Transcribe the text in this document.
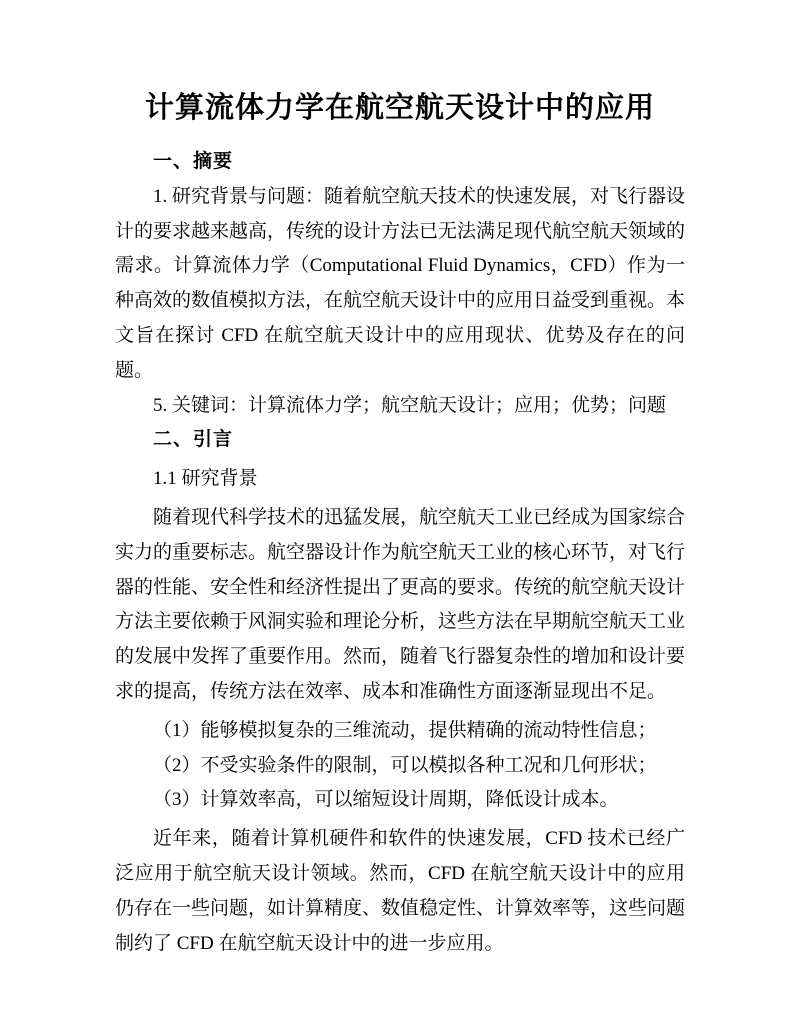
计算流体力学在航空航天设计中的应用

一、摘要

1. 研究背景与问题：随着航空航天技术的快速发展，对飞行器设计的要求越来越高，传统的设计方法已无法满足现代航空航天领域的需求。计算流体力学（Computational Fluid Dynamics，CFD）作为一种高效的数值模拟方法，在航空航天设计中的应用日益受到重视。本文旨在探讨 CFD 在航空航天设计中的应用现状、优势及存在的问题。

5. 关键词：计算流体力学；航空航天设计；应用；优势；问题

二、引言

1.1 研究背景

随着现代科学技术的迅猛发展，航空航天工业已经成为国家综合实力的重要标志。航空器设计作为航空航天工业的核心环节，对飞行器的性能、安全性和经济性提出了更高的要求。传统的航空航天设计方法主要依赖于风洞实验和理论分析，这些方法在早期航空航天工业的发展中发挥了重要作用。然而，随着飞行器复杂性的增加和设计要求的提高，传统方法在效率、成本和准确性方面逐渐显现出不足。

（1）能够模拟复杂的三维流动，提供精确的流动特性信息；

（2）不受实验条件的限制，可以模拟各种工况和几何形状；

（3）计算效率高，可以缩短设计周期，降低设计成本。

近年来，随着计算机硬件和软件的快速发展，CFD 技术已经广泛应用于航空航天设计领域。然而，CFD 在航空航天设计中的应用仍存在一些问题，如计算精度、数值稳定性、计算效率等，这些问题制约了 CFD 在航空航天设计中的进一步应用。
